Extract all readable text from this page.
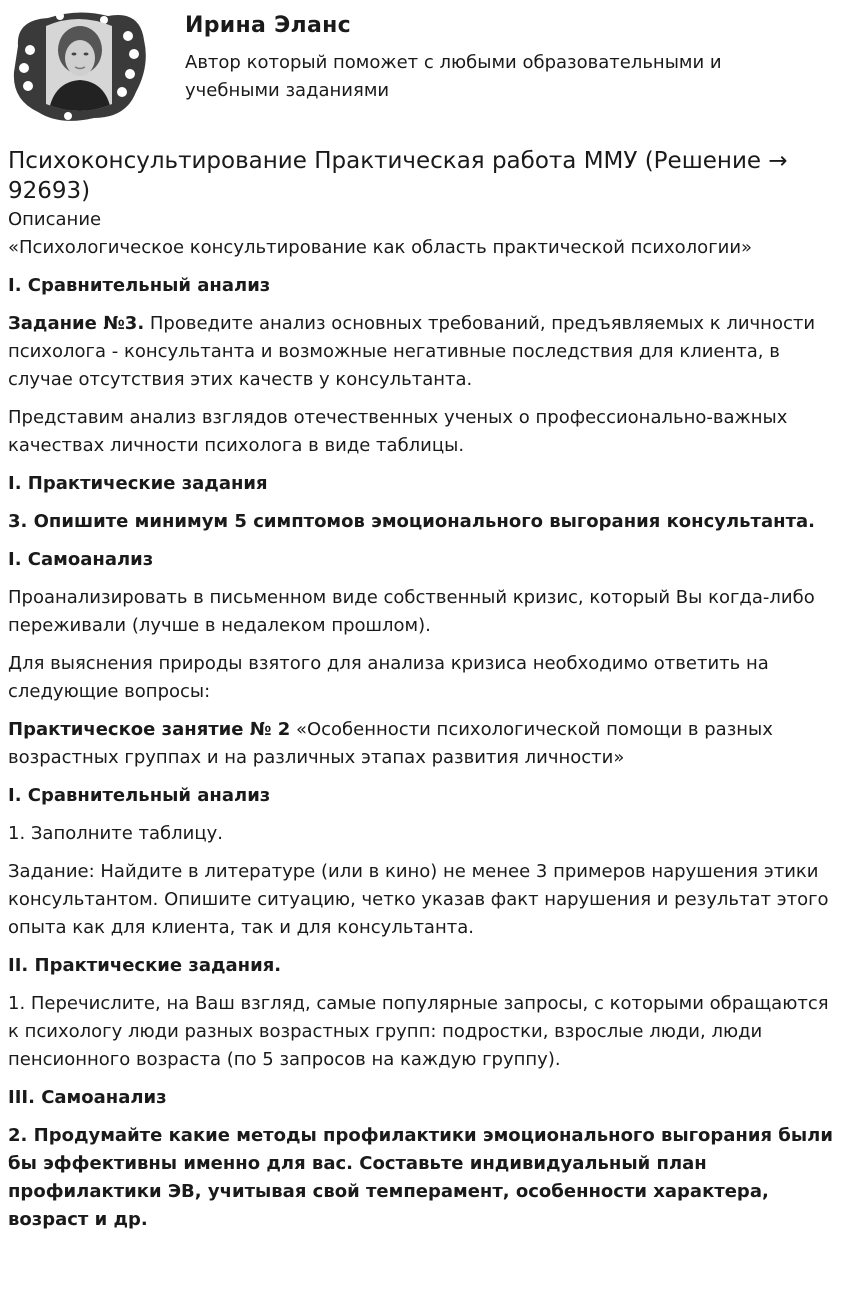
Ирина Эланс
Автор который поможет с любыми образовательными и учебными заданиями
Психоконсультирование Практическая работа ММУ (Решение → 92693)

Описание

«Психологическое консультирование как область практической психологии»

I. Сравнительный анализ

Задание №3. Проведите анализ основных требований, предъявляемых к личности психолога - консультанта и возможные негативные последствия для клиента, в случае отсутствия этих качеств у консультанта.

Представим анализ взглядов отечественных ученых о профессионально-важных качествах личности психолога в виде таблицы.

I. Практические задания

3. Опишите минимум 5 симптомов эмоционального выгорания консультанта.

I. Самоанализ

Проанализировать в письменном виде собственный кризис, который Вы когда-либо переживали (лучше в недалеком прошлом).

Для выяснения природы взятого для анализа кризиса необходимо ответить на следующие вопросы:

Практическое занятие № 2 «Особенности психологической помощи в разных возрастных группах и на различных этапах развития личности»

I. Сравнительный анализ

1. Заполните таблицу.

Задание: Найдите в литературе (или в кино) не менее 3 примеров нарушения этики консультантом. Опишите ситуацию, четко указав факт нарушения и результат этого опыта как для клиента, так и для консультанта.

II. Практические задания.

1. Перечислите, на Ваш взгляд, самые популярные запросы, с которыми обращаются к психологу люди разных возрастных групп: подростки, взрослые люди, люди пенсионного возраста (по 5 запросов на каждую группу).

III. Самоанализ

2. Продумайте какие методы профилактики эмоционального выгорания были бы эффективны именно для вас. Составьте индивидуальный план профилактики ЭВ, учитывая свой темперамент, особенности характера, возраст и др.
